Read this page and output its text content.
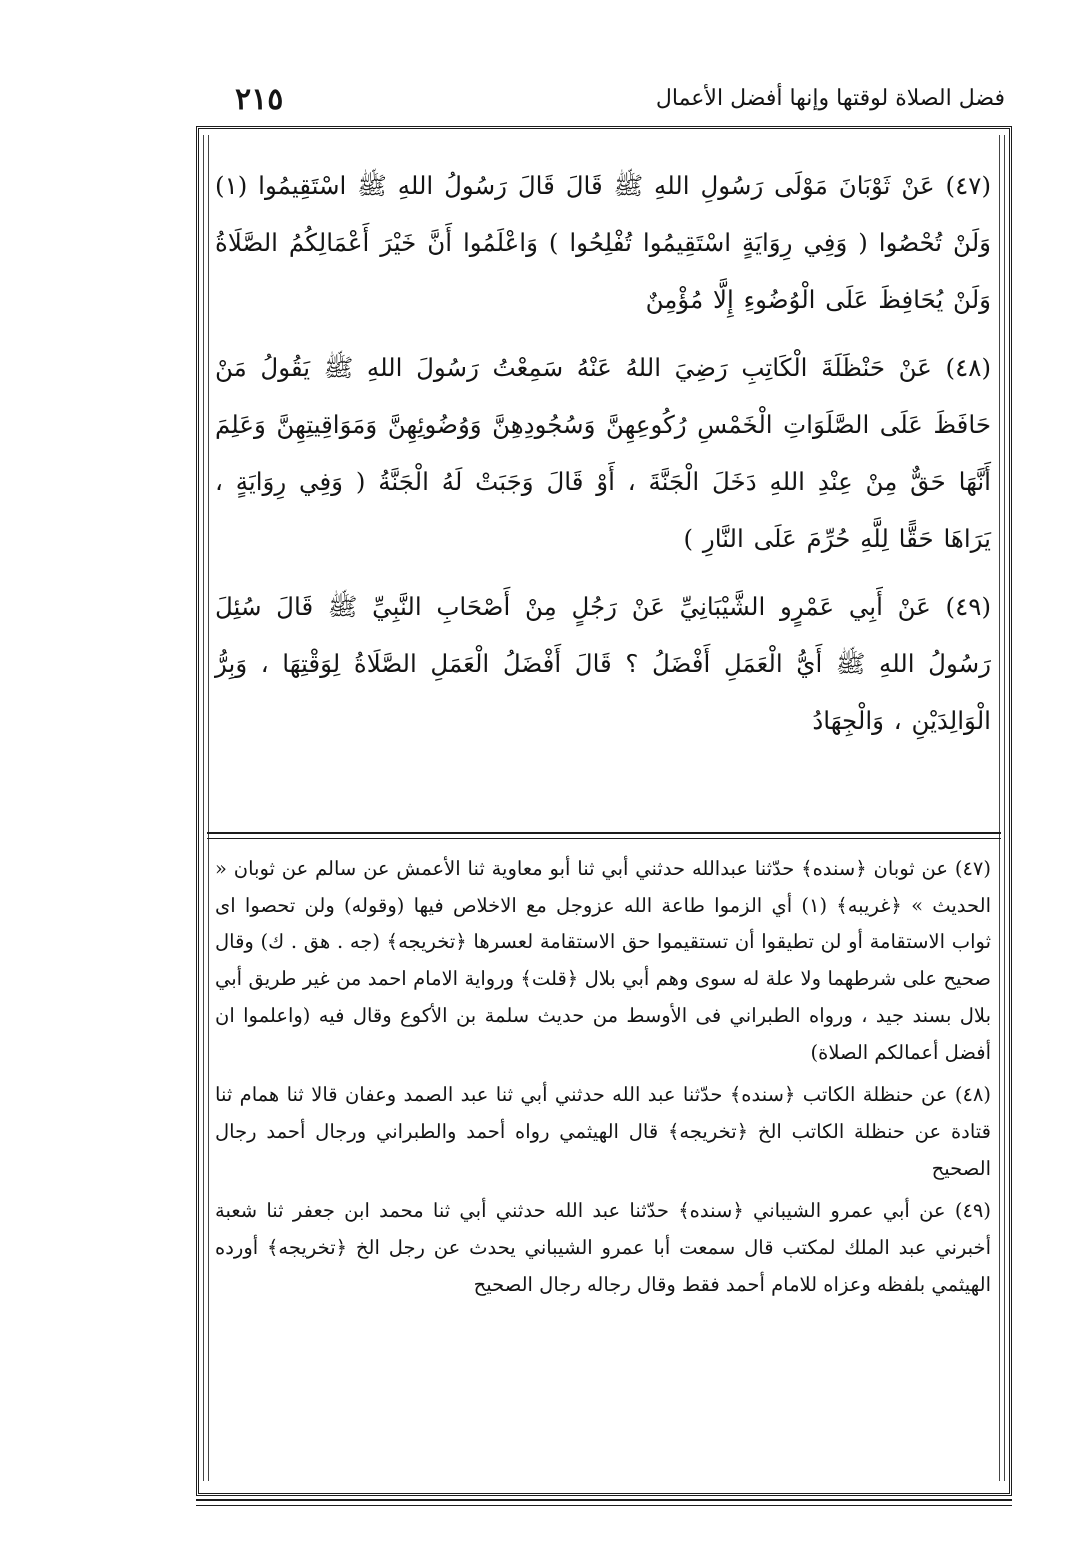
فضل الصلاة لوقتها وإنها أفضل الأعمال
٢١٥

(٤٧) عَنْ ثَوْبَانَ مَوْلَى رَسُولِ اللهِ ﷺ قَالَ قَالَ رَسُولُ اللهِ ﷺ اسْتَقِيمُوا (١) وَلَنْ تُحْصُوا ( وَفِي رِوَايَةٍ اسْتَقِيمُوا تُفْلِحُوا ) وَاعْلَمُوا أَنَّ خَيْرَ أَعْمَالِكُمُ الصَّلَاةُ وَلَنْ يُحَافِظَ عَلَى الْوُضُوءِ إِلَّا مُؤْمِنٌ

(٤٨) عَنْ حَنْظَلَةَ الْكَاتِبِ رَضِيَ اللهُ عَنْهُ سَمِعْتُ رَسُولَ اللهِ ﷺ يَقُولُ مَنْ حَافَظَ عَلَى الصَّلَوَاتِ الْخَمْسِ رُكُوعِهِنَّ وَسُجُودِهِنَّ وَوُضُوئِهِنَّ وَمَوَاقِيتِهِنَّ وَعَلِمَ أَنَّهَا حَقٌّ مِنْ عِنْدِ اللهِ دَخَلَ الْجَنَّةَ ، أَوْ قَالَ وَجَبَتْ لَهُ الْجَنَّةُ ( وَفِي رِوَايَةٍ ، يَرَاهَا حَقًّا لِلَّهِ حُرِّمَ عَلَى النَّارِ )

(٤٩) عَنْ أَبِي عَمْرٍو الشَّيْبَانِيِّ عَنْ رَجُلٍ مِنْ أَصْحَابِ النَّبِيِّ ﷺ قَالَ سُئِلَ رَسُولُ اللهِ ﷺ أَيُّ الْعَمَلِ أَفْضَلُ ؟ قَالَ أَفْضَلُ الْعَمَلِ الصَّلَاةُ لِوَقْتِهَا ، وَبِرُّ الْوَالِدَيْنِ ، وَالْجِهَادُ

(٤٧) عن ثوبان ﴿سنده﴾ حدّثنا عبدالله حدثني أبي ثنا أبو معاوية ثنا الأعمش عن سالم عن ثوبان « الحديث » ﴿غريبه﴾ (١) أي الزموا طاعة الله عزوجل مع الاخلاص فيها (وقوله) ولن تحصوا اى ثواب الاستقامة أو لن تطيقوا أن تستقيموا حق الاستقامة لعسرها ﴿تخريجه﴾ (جه . هق . ك) وقال صحيح على شرطهما ولا علة له سوى وهم أبي بلال ﴿قلت﴾ ورواية الامام احمد من غير طريق أبي بلال بسند جيد ، ورواه الطبراني فى الأوسط من حديث سلمة بن الأكوع وقال فيه (واعلموا ان أفضل أعمالكم الصلاة)

(٤٨) عن حنظلة الكاتب ﴿سنده﴾ حدّثنا عبد الله حدثني أبي ثنا عبد الصمد وعفان قالا ثنا همام ثنا قتادة عن حنظلة الكاتب الخ ﴿تخريجه﴾ قال الهيثمي رواه أحمد والطبراني ورجال أحمد رجال الصحيح

(٤٩) عن أبي عمرو الشيباني ﴿سنده﴾ حدّثنا عبد الله حدثني أبي ثنا محمد ابن جعفر ثنا شعبة أخبرني عبد الملك لمكتب قال سمعت أبا عمرو الشيباني يحدث عن رجل الخ ﴿تخريجه﴾ أورده الهيثمي بلفظه وعزاه للامام أحمد فقط وقال رجاله رجال الصحيح
